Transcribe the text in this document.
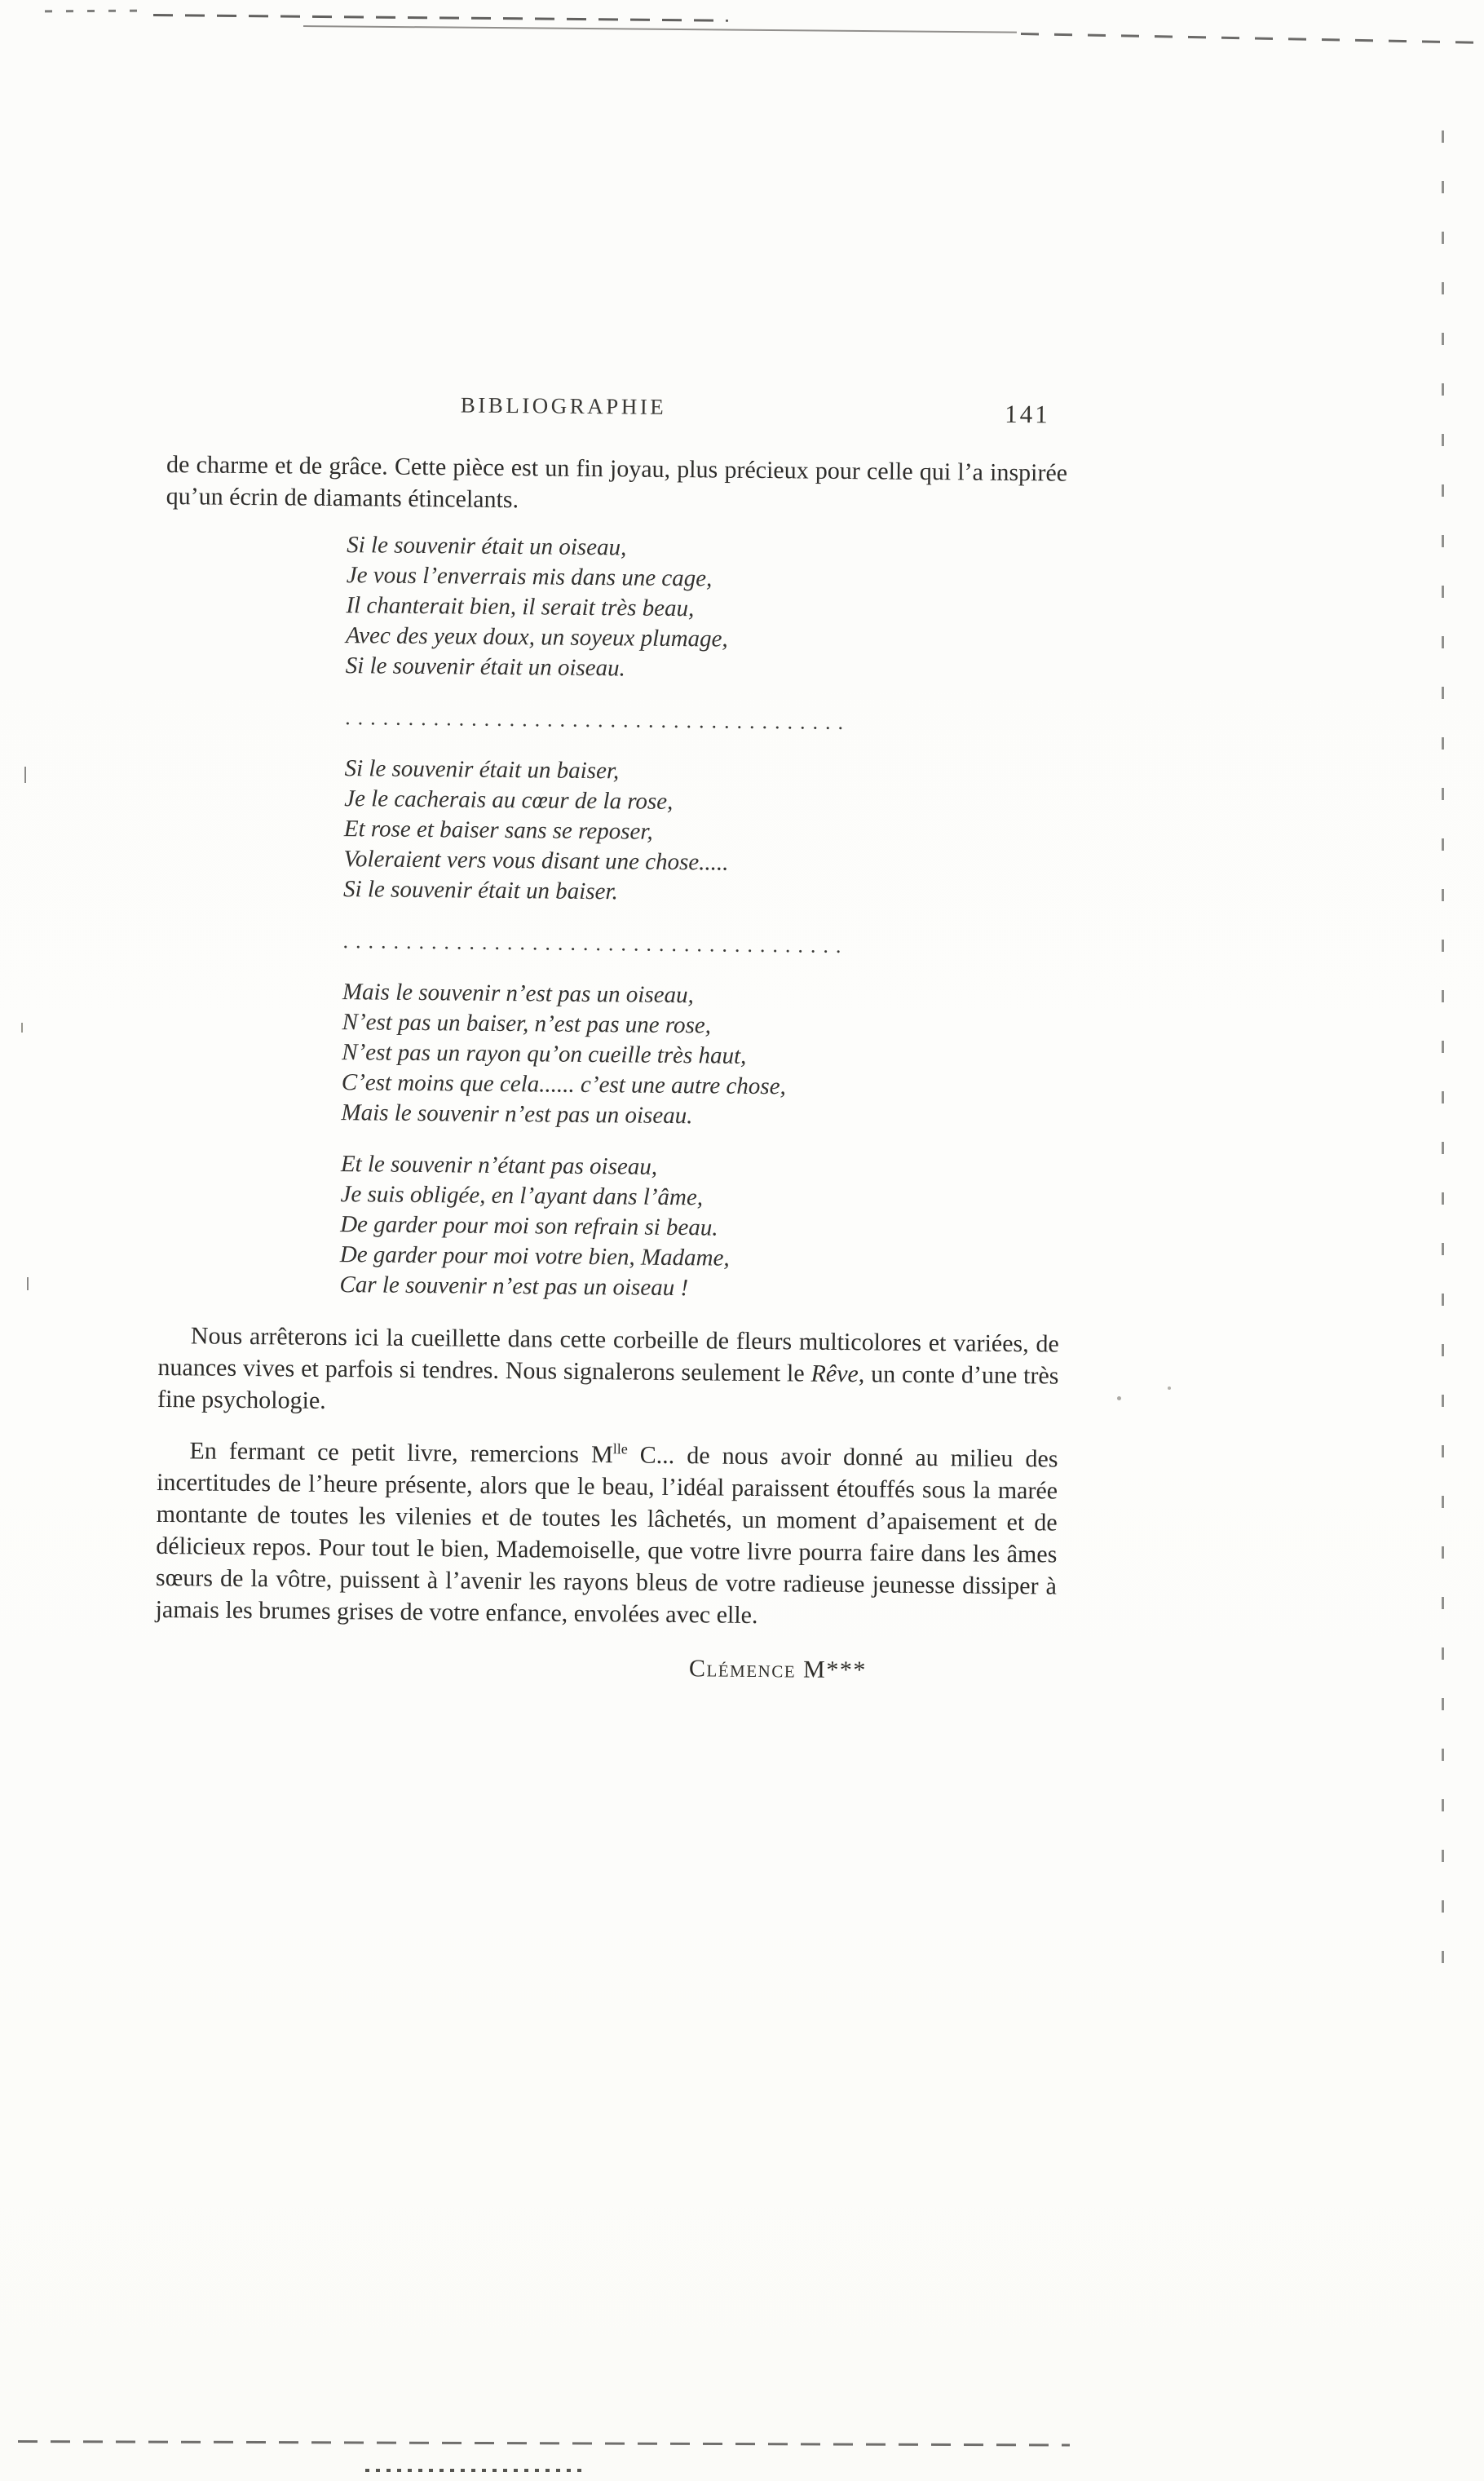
BIBLIOGRAPHIE	141

de charme et de grâce. Cette pièce est un fin joyau, plus précieux pour celle qui l’a inspirée qu’un écrin de diamants étincelants.

Si le souvenir était un oiseau,

Je vous l’enverrais mis dans une cage,

Il chanterait bien, il serait très beau,

Avec des yeux doux, un soyeux plumage,

Si le souvenir était un oiseau.

........................................

Si le souvenir était un baiser,

Je le cacherais au cœur de la rose,

Et rose et baiser sans se reposer,

Voleraient vers vous disant une chose.....

Si le souvenir était un baiser.

........................................

Mais le souvenir n’est pas un oiseau,

N’est pas un baiser, n’est pas une rose,

N’est pas un rayon qu’on cueille très haut,

C’est moins que cela...... c’est une autre chose,

Mais le souvenir n’est pas un oiseau.

Et le souvenir n’étant pas oiseau,

Je suis obligée, en l’ayant dans l’âme,

De garder pour moi son refrain si beau.

De garder pour moi votre bien, Madame,

Car le souvenir n’est pas un oiseau !

Nous arrêterons ici la cueillette dans cette corbeille de fleurs multicolores et variées, de nuances vives et parfois si tendres. Nous signalerons seulement le Rêve, un conte d’une très fine psychologie.

En fermant ce petit livre, remercions $M^{lle}$ C... de nous avoir donné au milieu des incertitudes de l’heure présente, alors que le beau, l’idéal paraissent étouffés sous la marée montante de toutes les vilenies et de toutes les lâchetés, un moment d’apaisement et de délicieux repos. Pour tout le bien, Mademoiselle, que votre livre pourra faire dans les âmes sœurs de la vôtre, puissent à l’avenir les rayons bleus de votre radieuse jeunesse dissiper à jamais les brumes grises de votre enfance, envolées avec elle.

Clémence M***
